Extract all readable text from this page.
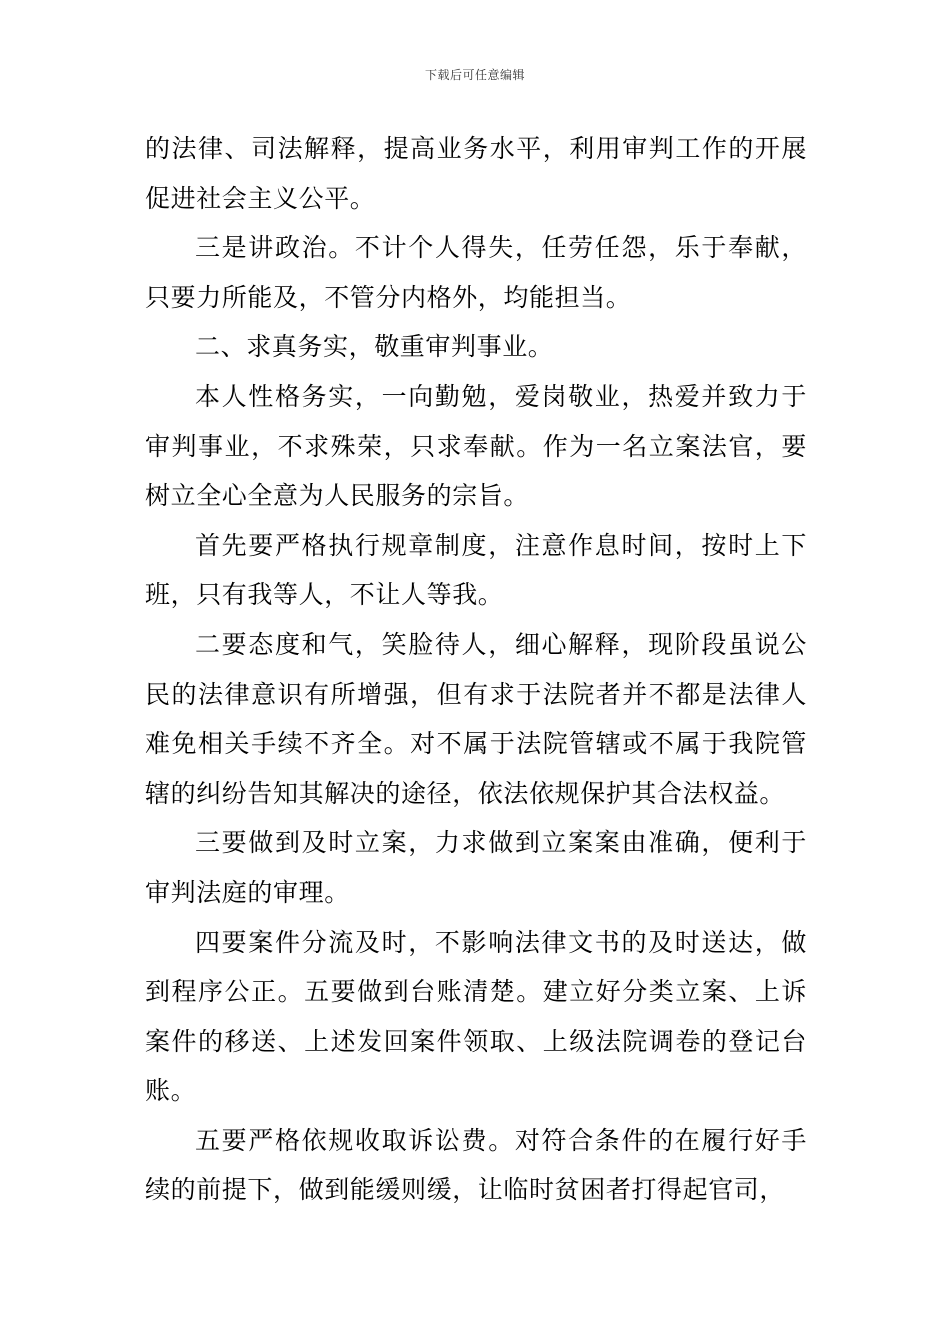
下载后可任意编辑

的法律、司法解释，提高业务水平，利用审判工作的开展促进社会主义公平。

三是讲政治。不计个人得失，任劳任怨，乐于奉献，只要力所能及，不管分内格外，均能担当。

二、求真务实，敬重审判事业。

本人性格务实，一向勤勉，爱岗敬业，热爱并致力于审判事业，不求殊荣，只求奉献。作为一名立案法官，要树立全心全意为人民服务的宗旨。

首先要严格执行规章制度，注意作息时间，按时上下班，只有我等人，不让人等我。

二要态度和气，笑脸待人，细心解释，现阶段虽说公民的法律意识有所增强，但有求于法院者并不都是法律人难免相关手续不齐全。对不属于法院管辖或不属于我院管辖的纠纷告知其解决的途径，依法依规保护其合法权益。

三要做到及时立案，力求做到立案案由准确，便利于审判法庭的审理。

四要案件分流及时，不影响法律文书的及时送达，做到程序公正。五要做到台账清楚。建立好分类立案、上诉案件的移送、上述发回案件领取、上级法院调卷的登记台账。

五要严格依规收取诉讼费。对符合条件的在履行好手续的前提下，做到能缓则缓，让临时贫困者打得起官司，
